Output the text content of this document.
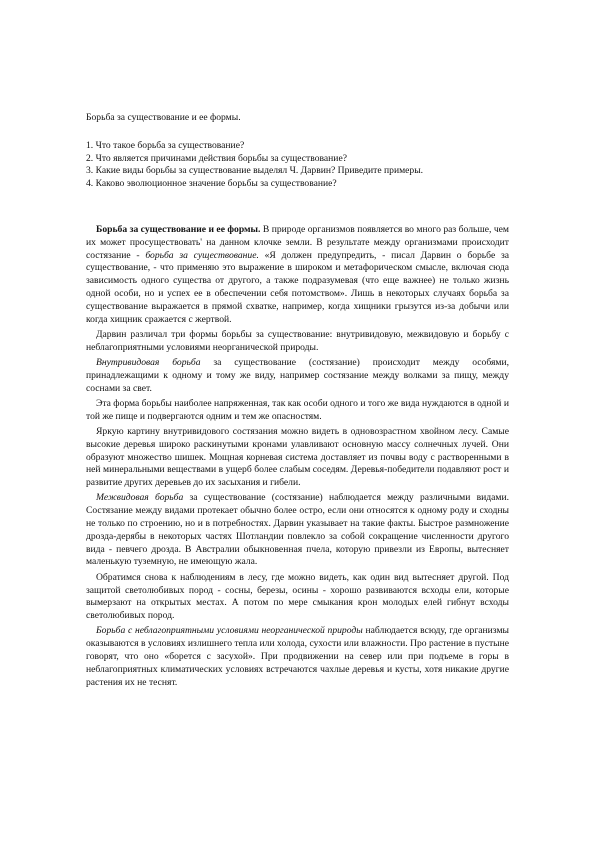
Борьба за существование и ее формы.
1. Что такое борьба за существование?
2. Что является причинами действия борьбы за существование?
3. Какие виды борьбы за существование выделял Ч. Дарвин? Приведите примеры.
4. Каково эволюционное значение борьбы за существование?

Борьба за существование и ее формы. В природе организмов появляется во много раз больше, чем их может просуществовать' на данном клочке земли. В результате между организмами происходит состязание - борьба за существование. «Я должен предупредить, - писал Дарвин о борьбе за существование, - что применяю это выражение в широком и метафорическом смысле, включая сюда зависимость одного существа от другого, а также подразумевая (что еще важнее) не только жизнь одной особи, но и успех ее в обеспечении себя потомством». Лишь в некоторых случаях борьба за существование выражается в прямой схватке, например, когда хищники грызутся из-за добычи или когда хищник сражается с жертвой.

Дарвин различал три формы борьбы за существование: внутривидовую, межвидовую и борьбу с неблагоприятными условиями неорганической природы.

Внутривидовая борьба за существование (состязание) происходит между особями, принадлежащими к одному и тому же виду, например состязание между волками за пищу, между соснами за свет.

Эта форма борьбы наиболее напряженная, так как особи одного и того же вида нуждаются в одной и той же пище и подвергаются одним и тем же опасностям.

Яркую картину внутривидового состязания можно видеть в одновозрастном хвойном лесу. Самые высокие деревья широко раскинутыми кронами улавливают основную массу солнечных лучей. Они образуют множество шишек. Мощная корневая система доставляет из почвы воду с растворенными в ней минеральными веществами в ущерб более слабым соседям. Деревья-победители подавляют рост и развитие других деревьев до их засыхания и гибели.

Межвидовая борьба за существование (состязание) наблюдается между различными видами. Состязание между видами протекает обычно более остро, если они относятся к одному роду и сходны не только по строению, но и в потребностях. Дарвин указывает на такие факты. Быстрое размножение дрозда-дерябы в некоторых частях Шотландии повлекло за собой сокращение численности другого вида - певчего дрозда. В Австралии обыкновенная пчела, которую привезли из Европы, вытесняет маленькую туземную, не имеющую жала.

Обратимся снова к наблюдениям в лесу, где можно видеть, как один вид вытесняет другой. Под защитой светолюбивых пород - сосны, березы, осины - хорошо развиваются всходы ели, которые вымерзают на открытых местах. А потом по мере смыкания крон молодых елей гибнут всходы светолюбивых пород.

Борьба с неблагоприятными условиями неорганической природы наблюдается всюду, где организмы оказываются в условиях излишнего тепла или холода, сухости или влажности. Про растение в пустыне говорят, что оно «борется с засухой». При продвижении на север или при подъеме в горы в неблагоприятных климатических условиях встречаются чахлые деревья и кусты, хотя никакие другие растения их не теснят.
